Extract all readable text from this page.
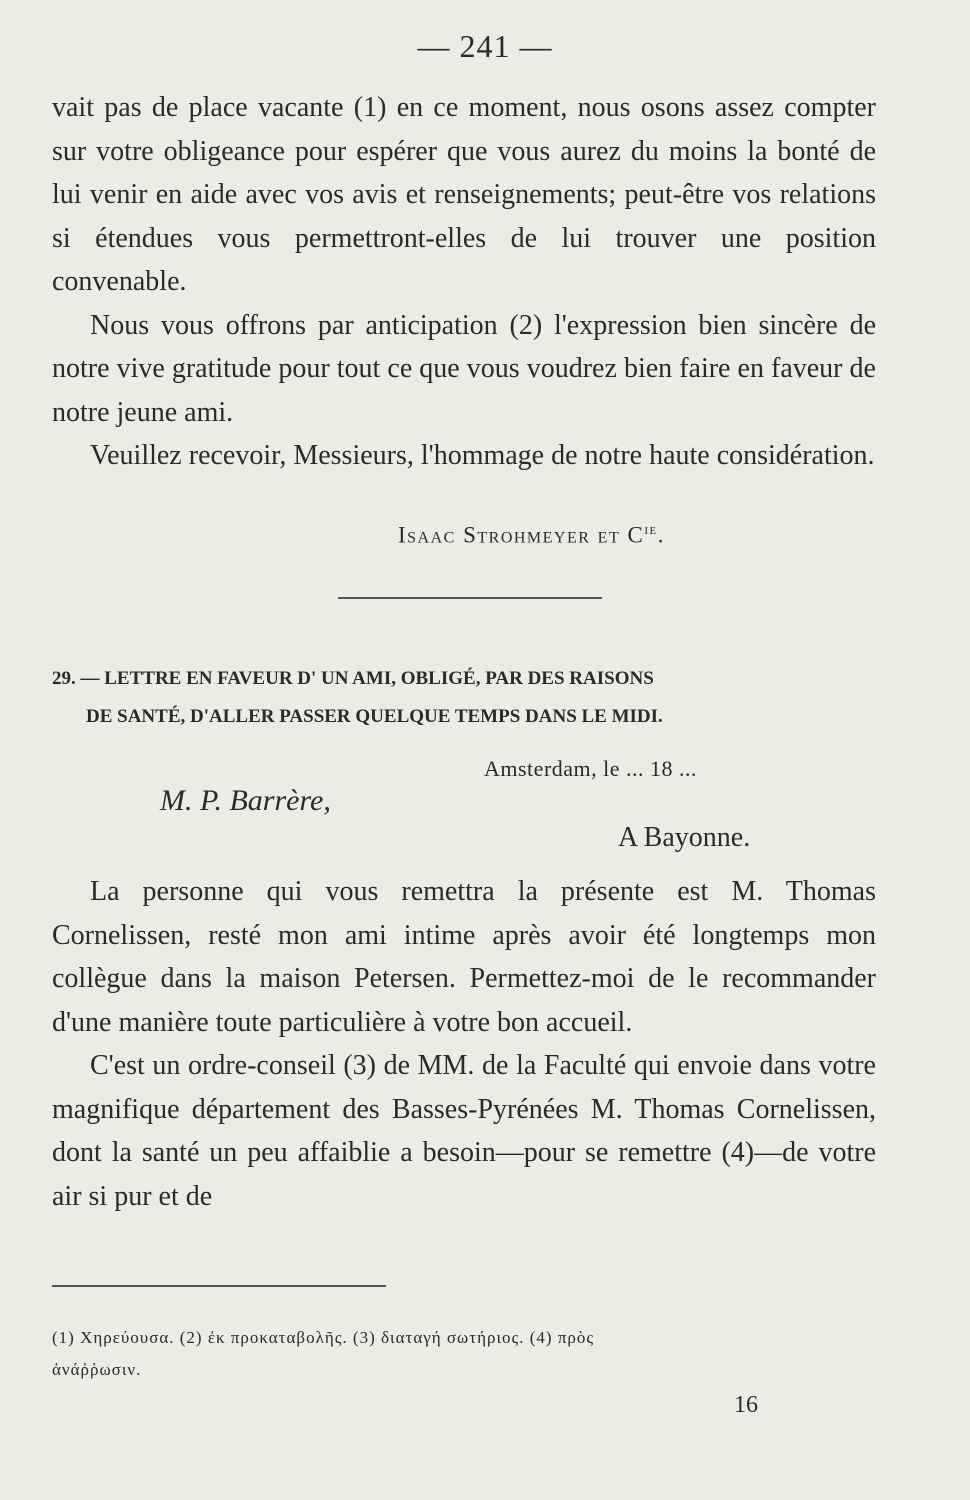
— 241 —

vait pas de place vacante (1) en ce moment, nous osons assez compter sur votre obligeance pour espérer que vous aurez du moins la bonté de lui venir en aide avec vos avis et renseignements; peut-être vos relations si étendues vous permettront-elles de lui trouver une position convenable.

Nous vous offrons par anticipation (2) l'expression bien sincère de notre vive gratitude pour tout ce que vous voudrez bien faire en faveur de notre jeune ami.

Veuillez recevoir, Messieurs, l'hommage de notre haute considération.

Isaac Strohmeyer et $C^{ie}$.
29. — LETTRE EN FAVEUR D' UN AMI, OBLIGÉ, PAR DES RAISONS
DE SANTÉ, D'ALLER PASSER QUELQUE TEMPS DANS LE MIDI.
Amsterdam, le ... 18 ...
M. P. Barrère,
A Bayonne.

La personne qui vous remettra la présente est M. Thomas Cornelissen, resté mon ami intime après avoir été longtemps mon collègue dans la maison Petersen. Permettez-moi de le recommander d'une manière toute particulière à votre bon accueil.

C'est un ordre-conseil (3) de MM. de la Faculté qui envoie dans votre magnifique département des Basses-Pyrénées M. Thomas Cornelissen, dont la santé un peu affaiblie a besoin—pour se remettre (4)—de votre air si pur et de

(1) Χηρεύουσα. (2) ἐκ προκαταβολῆς. (3) διαταγή σωτήριος. (4) πρὸς
ἀνάῤῥωσιν.
16
